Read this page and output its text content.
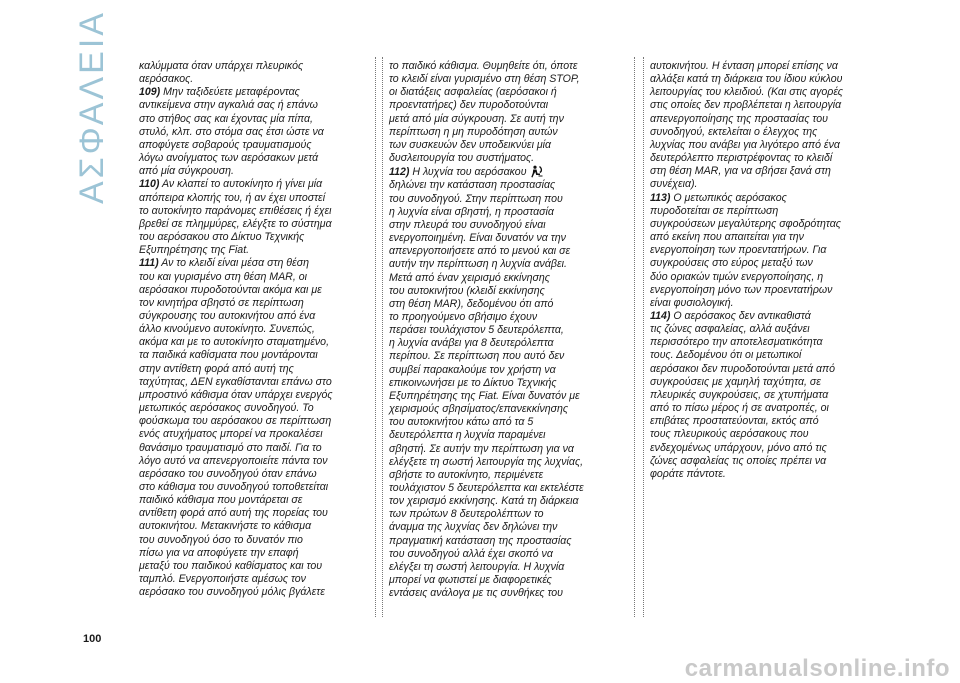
ΑΣΦΑΛΕΙΑ	καλύμματα όταν υπάρχει πλευρικός
αερόσακος.

109) Μην ταξιδεύετε μεταφέροντας
αντικείμενα στην αγκαλιά σας ή επάνω
στο στήθος σας και έχοντας μία πίπα,
στυλό, κλπ. στο στόμα σας έτσι ώστε να
αποφύγετε σοβαρούς τραυματισμούς
λόγω ανοίγματος των αερόσακων μετά
από μία σύγκρουση.

110) Αν κλαπεί το αυτοκίνητο ή γίνει μία
απόπειρα κλοπής του, ή αν έχει υποστεί
το αυτοκίνητο παράνομες επιθέσεις ή έχει
βρεθεί σε πλημμύρες, ελέγξτε το σύστημα
του αερόσακου στο Δίκτυο Τεχνικής
Εξυπηρέτησης της Fiat.

111) Αν το κλειδί είναι μέσα στη θέση
του και γυρισμένο στη θέση MAR, οι
αερόσακοι πυροδοτούνται ακόμα και με
τον κινητήρα σβηστό σε περίπτωση
σύγκρουσης του αυτοκινήτου από ένα
άλλο κινούμενο αυτοκίνητο. Συνεπώς,
ακόμα και με το αυτοκίνητο σταματημένο,
τα παιδικά καθίσματα που μοντάρονται
στην αντίθετη φορά από αυτή της
ταχύτητας, ΔΕΝ εγκαθίστανται επάνω στο
μπροστινό κάθισμα όταν υπάρχει ενεργός
μετωπικός αερόσακος συνοδηγού. Το
φούσκωμα του αερόσακου σε περίπτωση
ενός ατυχήματος μπορεί να προκαλέσει
θανάσιμο τραυματισμό στο παιδί. Για το
λόγο αυτό να απενεργοποιείτε πάντα τον
αερόσακο του συνοδηγού όταν επάνω
στο κάθισμα του συνοδηγού τοποθετείται
παιδικό κάθισμα που μοντάρεται σε
αντίθετη φορά από αυτή της πορείας του
αυτοκινήτου. Μετακινήστε το κάθισμα
του συνοδηγού όσο το δυνατόν πιο
πίσω για να αποφύγετε την επαφή
μεταξύ του παιδικού καθίσματος και του
ταμπλό. Ενεργοποιήστε αμέσως τον
αερόσακο του συνοδηγού μόλις βγάλετε

το παιδικό κάθισμα. Θυμηθείτε ότι, όποτε
το κλειδί είναι γυρισμένο στη θέση STOP,
οι διατάξεις ασφαλείας (αερόσακοι ή
προεντατήρες) δεν πυροδοτούνται
μετά από μία σύγκρουση. Σε αυτή την
περίπτωση η μη πυροδότηση αυτών
των συσκευών δεν υποδεικνύει μία
δυσλειτουργία του συστήματος.

112) Η λυχνία του αερόσακου
δηλώνει την κατάσταση προστασίας
του συνοδηγού. Στην περίπτωση που
η λυχνία είναι σβηστή, η προστασία
στην πλευρά του συνοδηγού είναι
ενεργοποιημένη. Είναι δυνατόν να την
απενεργοποιήσετε από το μενού και σε
αυτήν την περίπτωση η λυχνία ανάβει.
Μετά από έναν χειρισμό εκκίνησης
του αυτοκινήτου (κλειδί εκκίνησης
στη θέση MAR), δεδομένου ότι από
το προηγούμενο σβήσιμο έχουν
περάσει τουλάχιστον 5 δευτερόλεπτα,
η λυχνία ανάβει για 8 δευτερόλεπτα
περίπου. Σε περίπτωση που αυτό δεν
συμβεί παρακαλούμε τον χρήστη να
επικοινωνήσει με το Δίκτυο Τεχνικής
Εξυπηρέτησης της Fiat. Είναι δυνατόν με
χειρισμούς σβησίματος/επανεκκίνησης
του αυτοκινήτου κάτω από τα 5
δευτερόλεπτα η λυχνία παραμένει
σβηστή. Σε αυτήν την περίπτωση για να
ελέγξετε τη σωστή λειτουργία της λυχνίας,
σβήστε το αυτοκίνητο, περιμένετε
τουλάχιστον 5 δευτερόλεπτα και εκτελέστε
τον χειρισμό εκκίνησης. Κατά τη διάρκεια
των πρώτων 8 δευτερολέπτων το
άναμμα της λυχνίας δεν δηλώνει την
πραγματική κατάσταση της προστασίας
του συνοδηγού αλλά έχει σκοπό να
ελέγξει τη σωστή λειτουργία. Η λυχνία
μπορεί να φωτιστεί με διαφορετικές
εντάσεις ανάλογα με τις συνθήκες του

αυτοκινήτου. Η ένταση μπορεί επίσης να
αλλάξει κατά τη διάρκεια του ίδιου κύκλου
λειτουργίας του κλειδιού. (Και στις αγορές
στις οποίες δεν προβλέπεται η λειτουργία
απενεργοποίησης της προστασίας του
συνοδηγού, εκτελείται ο έλεγχος της
λυχνίας που ανάβει για λιγότερο από ένα
δευτερόλεπτο περιστρέφοντας το κλειδί
στη θέση MAR, για να σβήσει ξανά στη
συνέχεια).

113) Ο μετωπικός αερόσακος
πυροδοτείται σε περίπτωση
συγκρούσεων μεγαλύτερης σφοδρότητας
από εκείνη που απαιτείται για την
ενεργοποίηση των προεντατήρων. Για
συγκρούσεις στο εύρος μεταξύ των
δύο οριακών τιμών ενεργοποίησης, η
ενεργοποίηση μόνο των προεντατήρων
είναι φυσιολογική.

114) Ο αερόσακος δεν αντικαθιστά
τις ζώνες ασφαλείας, αλλά αυξάνει
περισσότερο την αποτελεσματικότητα
τους. Δεδομένου ότι οι μετωπικοί
αερόσακοι δεν πυροδοτούνται μετά από
συγκρούσεις με χαμηλή ταχύτητα, σε
πλευρικές συγκρούσεις, σε χτυπήματα
από το πίσω μέρος ή σε ανατροπές, οι
επιβάτες προστατεύονται, εκτός από
τους πλευρικούς αερόσακους που
ενδεχομένως υπάρχουν, μόνο από τις
ζώνες ασφαλείας τις οποίες πρέπει να
φοράτε πάντοτε.

100
carmanualsonline.info
